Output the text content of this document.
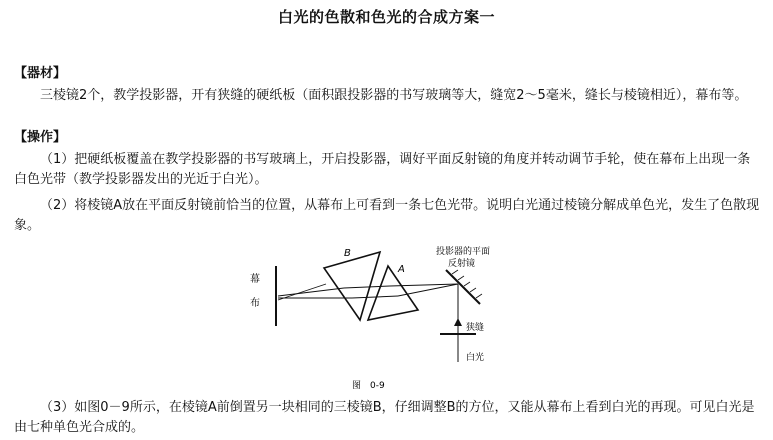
白光的色散和色光的合成方案一
【器材】
三棱镜2个，教学投影器，开有狭缝的硬纸板（面积跟投影器的书写玻璃等大，缝宽2～5毫米，缝长与棱镜相近），幕布等。
【操作】
（1）把硬纸板覆盖在教学投影器的书写玻璃上，开启投影器，调好平面反射镜的角度并转动调节手轮，使在幕布上出现一条白色光带（教学投影器发出的光近于白光）。
（2）将棱镜A放在平面反射镜前恰当的位置，从幕布上可看到一条七色光带。说明白光通过棱镜分解成单色光，发生了色散现象。
幕
布
B
A
投影器的平面
反射镜
狭缝
白光
图　0-9
（3）如图0－9所示，在棱镜A前倒置另一块相同的三棱镜B，仔细调整B的方位，又能从幕布上看到白光的再现。可见白光是由七种单色光合成的。
